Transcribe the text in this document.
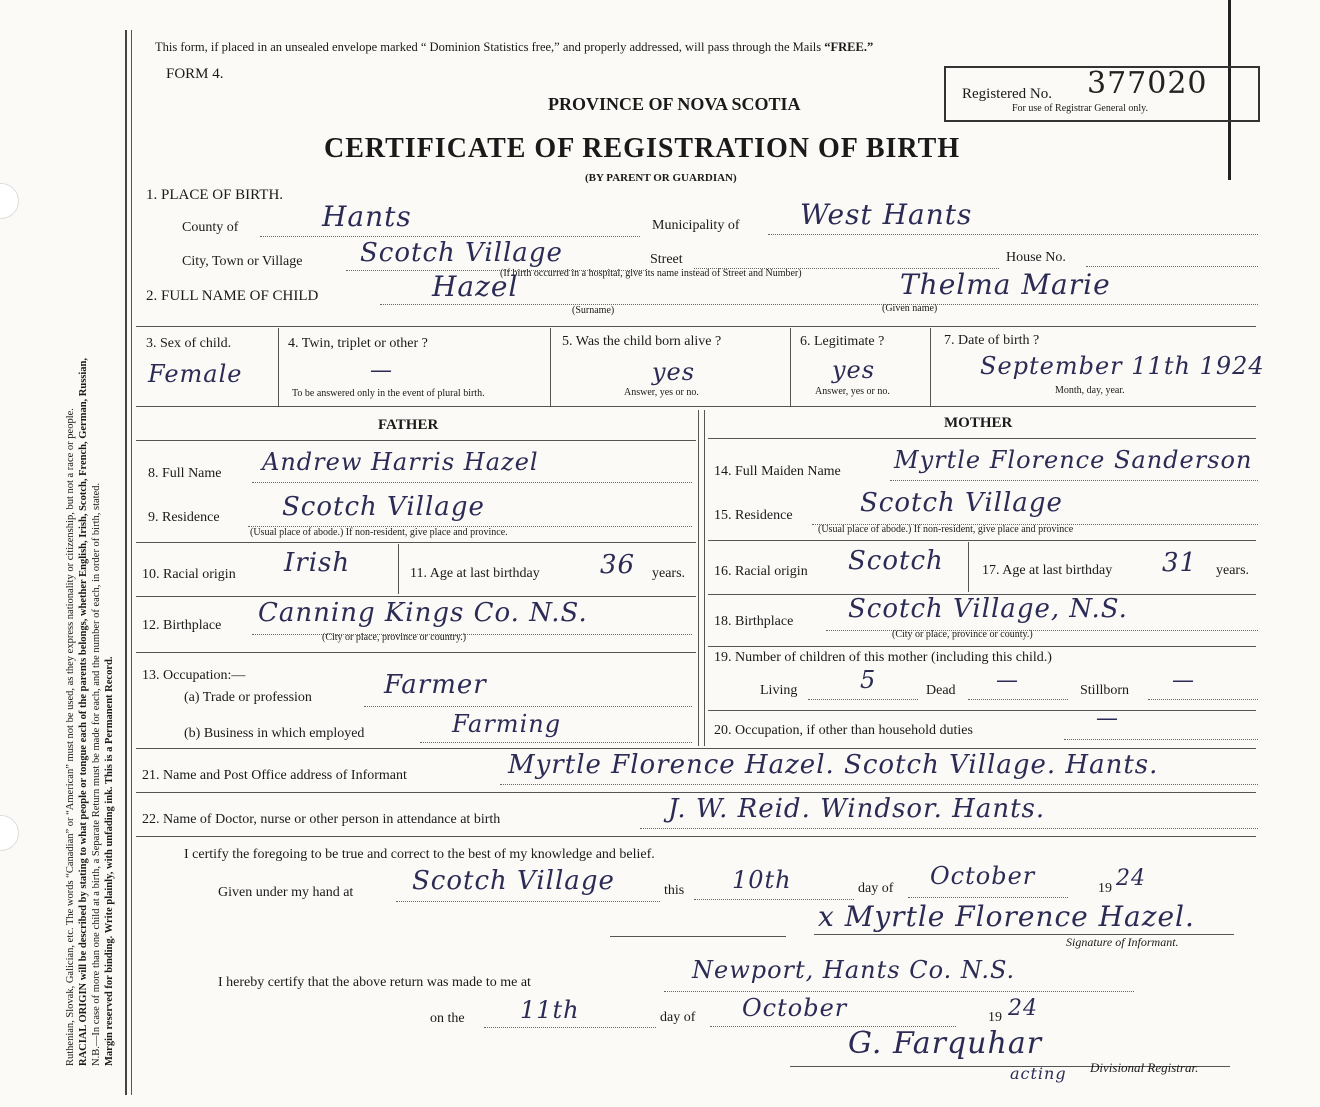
Ruthenian, Slovak, Galician, etc. The words “Canadian” or “American” must not be used, as they express nationality or citizenship, but not a race or people. RACIAL ORIGIN will be described by stating to what people or tongue each of the parents belongs, whether English, Irish, Scotch, French, German, Russian, N.B.—In case of more than one child at a birth, a Separate Return must be made for each, and the number of each, in order of birth, stated. Margin reserved for binding. Write plainly, with unfading ink. This is a Permanent Record.
This form, if placed in an unsealed envelope marked “ Dominion Statistics free,” and properly addressed, will pass through the Mails “FREE.”
FORM 4.
PROVINCE OF NOVA SCOTIA
CERTIFICATE OF REGISTRATION OF BIRTH
(BY PARENT OR GUARDIAN)
Registered No. 377020
For use of Registrar General only.
1. PLACE OF BIRTH.
County of	Hants	Municipality of West Hants
City, Town or Village Scotch Village	Street	House No.
(If birth occurred in a hospital, give its name instead of Street and Number)
2. FULL NAME OF CHILD	Hazel	Thelma Marie
(Surname)	(Given name)
3. Sex of child.
Female
4. Twin, triplet or other ?
—
To be answered only in the event of plural birth.
5. Was the child born alive ?
yes
Answer, yes or no.
6. Legitimate ?
yes
Answer, yes or no.
7. Date of birth ?
September 11th 1924
Month, day, year.
FATHER	MOTHER
8. Full Name Andrew Harris Hazel
9. Residence Scotch Village
(Usual place of abode.) If non-resident, give place and province.
10. Racial origin Irish	11. Age at last birthday 36 years.
12. Birthplace Canning Kings Co. N.S.
(City or place, province or country.)
13. Occupation:—
(a) Trade or profession	Farmer
(b) Business in which employed	Farming
14. Full Maiden Name Myrtle Florence Sanderson
15. Residence	Scotch Village
(Usual place of abode.) If non-resident, give place and province
16. Racial origin Scotch	17. Age at last birthday 31 years.
18. Birthplace Scotch Village, N.S.
(City or place, province or county.)
19. Number of children of this mother (including this child.)
Living	5	Dead —	Stillborn —
20. Occupation, if other than household duties	—
21. Name and Post Office address of Informant	Myrtle Florence Hazel. Scotch Village. Hants.
22. Name of Doctor, nurse or other person in attendance at birth	J. W. Reid. Windsor. Hants.
I certify the foregoing to be true and correct to the best of my knowledge and belief.
Given under my hand at Scotch Village	this 10th	day of October	19 24
x Myrtle Florence Hazel.
Signature of Informant.
I hereby certify that the above return was made to me at	Newport, Hants Co. N.S.
on the 11th	day of October	19 24
G. Farquhar
acting Divisional Registrar.
